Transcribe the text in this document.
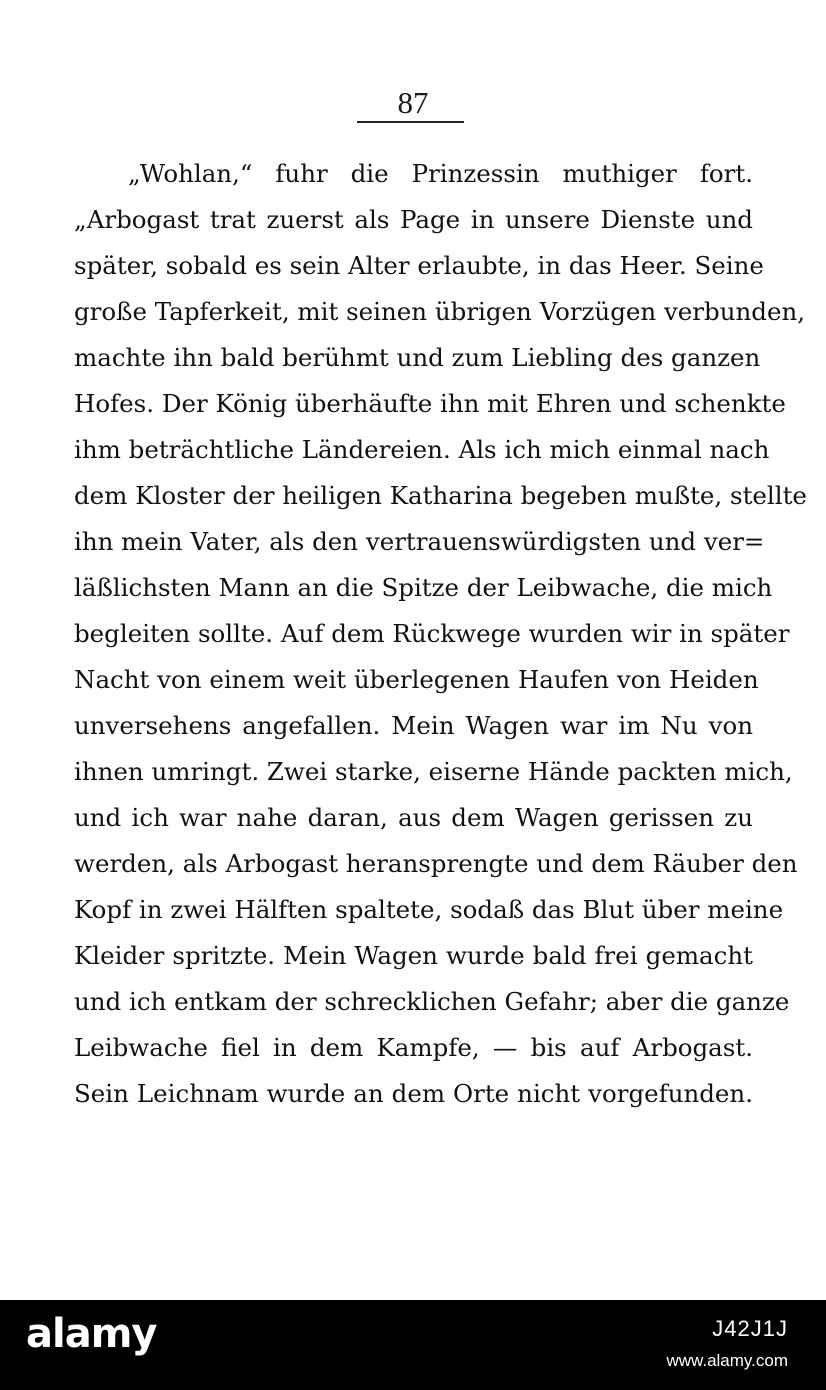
87
„Wohlan,“ fuhr die Prinzessin muthiger fort.
„Arbogast trat zuerst als Page in unsere Dienste und
später, sobald es sein Alter erlaubte, in das Heer. Seine
große Tapferkeit, mit seinen übrigen Vorzügen verbunden,
machte ihn bald berühmt und zum Liebling des ganzen
Hofes. Der König überhäufte ihn mit Ehren und schenkte
ihm beträchtliche Ländereien. Als ich mich einmal nach
dem Kloster der heiligen Katharina begeben mußte, stellte
ihn mein Vater, als den vertrauenswürdigsten und ver=
läßlichsten Mann an die Spitze der Leibwache, die mich
begleiten sollte. Auf dem Rückwege wurden wir in später
Nacht von einem weit überlegenen Haufen von Heiden
unversehens angefallen. Mein Wagen war im Nu von
ihnen umringt. Zwei starke, eiserne Hände packten mich,
und ich war nahe daran, aus dem Wagen gerissen zu
werden, als Arbogast heransprengte und dem Räuber den
Kopf in zwei Hälften spaltete, sodaß das Blut über meine
Kleider spritzte. Mein Wagen wurde bald frei gemacht
und ich entkam der schrecklichen Gefahr; aber die ganze
Leibwache fiel in dem Kampfe, — bis auf Arbogast.
Sein Leichnam wurde an dem Orte nicht vorgefunden.
alamy	J42J1J
www.alamy.com
